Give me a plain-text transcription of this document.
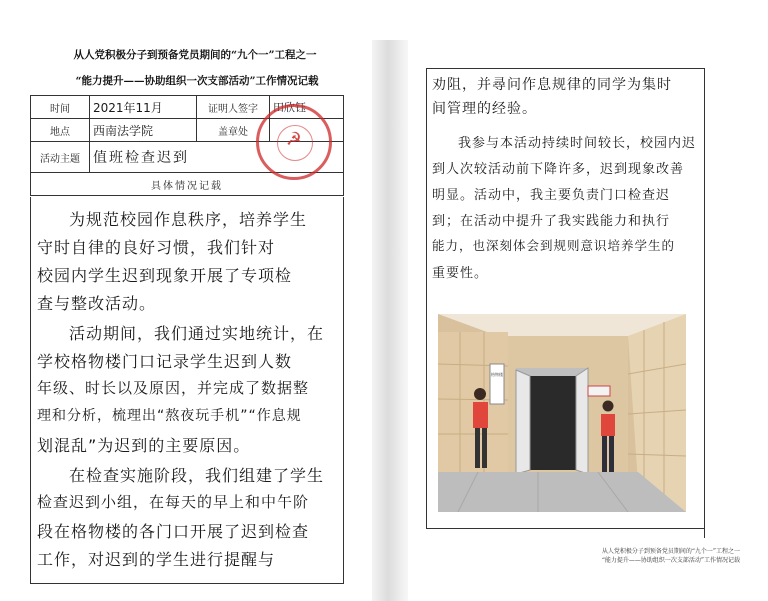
从人党积极分子到预备党员期间的“九个一”工程之一
“能力提升——协助组织一次支部活动”工作情况记载
时间	2021年11月	证明人签字	田欣钰
地点	西南法学院	盖章处	
活动主题	值班检查迟到		
具体情况记载			
☭
为规范校园作息秩序，培养学生
守时自律的良好习惯，我们针对
校园内学生迟到现象开展了专项检
查与整改活动。
活动期间，我们通过实地统计，在
学校格物楼门口记录学生迟到人数
年级、时长以及原因，并完成了数据整
理和分析，梳理出“熬夜玩手机”“作息规
划混乱”为迟到的主要原因。
在检查实施阶段，我们组建了学生
检查迟到小组，在每天的早上和中午阶
段在格物楼的各门口开展了迟到检查
工作，对迟到的学生进行提醒与
劝阻，并尋问作息规律的同学为集时
间管理的经验。
我参与本活动持续时间较长，校园内迟
到人次较活动前下降许多，迟到现象改善
明显。活动中，我主要负责门口检查迟
到；在活动中提升了我实践能力和执行
能力，也深刻体会到规则意识培养学生的
重要性。
格物楼
从人党积极分子到预备党员期间的“九个一”工程之一
“能力提升——协助组织一次支部活动”工作情况记载
